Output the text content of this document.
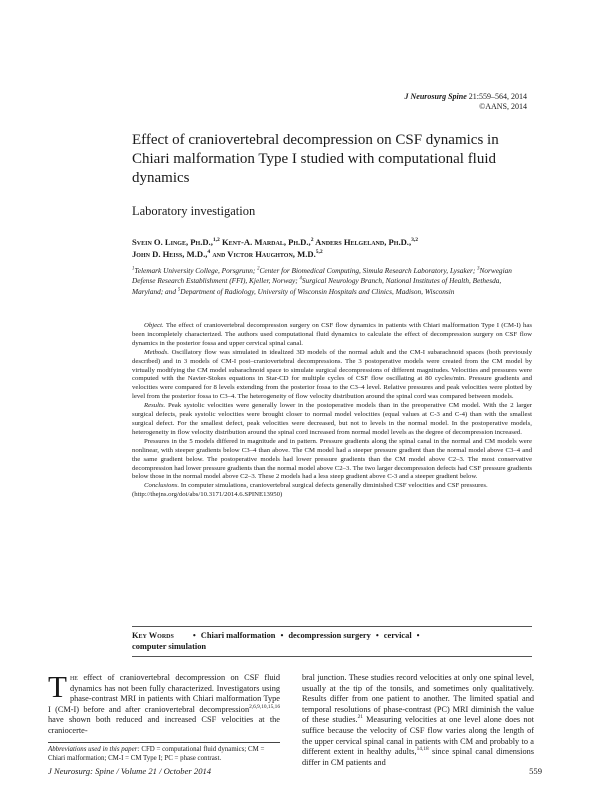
J Neurosurg Spine 21:559–564, 2014
©AANS, 2014
Effect of craniovertebral decompression on CSF dynamics in Chiari malformation Type I studied with computational fluid dynamics
Laboratory investigation
Svein O. Linge, Ph.D.,$^{1,2}$ Kent-A. Mardal, Ph.D.,$^2$ Anders Helgeland, Ph.D.,$^{3,2}$
John D. Heiss, M.D.,$^4$ and Victor Haughton, M.D.$^{5,2}$
$^1$Telemark University College, Porsgrunn; $^2$Center for Biomedical Computing, Simula Research Laboratory, Lysaker; $^3$Norwegian Defense Research Establishment (FFI), Kjeller, Norway; $^4$Surgical Neurology Branch, National Institutes of Health, Bethesda, Maryland; and $^5$Department of Radiology, University of Wisconsin Hospitals and Clinics, Madison, Wisconsin

Object. The effect of craniovertebral decompression surgery on CSF flow dynamics in patients with Chiari malformation Type I (CM-I) has been incompletely characterized. The authors used computational fluid dynamics to calculate the effect of decompression surgery on CSF flow dynamics in the posterior fossa and upper cervical spinal canal.

Methods. Oscillatory flow was simulated in idealized 3D models of the normal adult and the CM-I subarachnoid spaces (both previously described) and in 3 models of CM-I post–craniovertebral decompressions. The 3 postoperative models were created from the CM model by virtually modifying the CM model subarachnoid space to simulate surgical decompressions of different magnitudes. Velocities and pressures were computed with the Navier-Stokes equations in Star-CD for multiple cycles of CSF flow oscillating at 80 cycles/min. Pressure gradients and velocities were compared for 8 levels extending from the posterior fossa to the C3–4 level. Relative pressures and peak velocities were plotted by level from the posterior fossa to C3–4. The heterogeneity of flow velocity distribution around the spinal cord was compared between models.

Results. Peak systolic velocities were generally lower in the postoperative models than in the preoperative CM model. With the 2 larger surgical defects, peak systolic velocities were brought closer to normal model velocities (equal values at C-3 and C-4) than with the smallest surgical defect. For the smallest defect, peak velocities were decreased, but not to levels in the normal model. In the postoperative models, heterogeneity in flow velocity distribution around the spinal cord increased from normal model levels as the degree of decompression increased.

Pressures in the 5 models differed in magnitude and in pattern. Pressure gradients along the spinal canal in the normal and CM models were nonlinear, with steeper gradients below C3–4 than above. The CM model had a steeper pressure gradient than the normal model above C3–4 and the same gradient below. The postoperative models had lower pressure gradients than the CM model above C2–3. The most conservative decompression had lower pressure gradients than the normal model above C2–3. The two larger decompression defects had CSF pressure gradients below those in the normal model above C2–3. These 2 models had a less steep gradient above C-3 and a steeper gradient below.

Conclusions. In computer simulations, craniovertebral surgical defects generally diminished CSF velocities and CSF pressures.

(http://thejns.org/doi/abs/10.3171/2014.6.SPINE13950)

Key Words • Chiari malformation • decompression surgery • cervical •
computer simulation
The effect of craniovertebral decompression on CSF fluid dynamics has not been fully characterized. Investigators using phase-contrast MRI in patients with Chiari malformation Type I (CM-I) before and after craniovertebral decompression$^{2,6,9,10,15,16}$ have shown both reduced and increased CSF velocities at the craniocerte-
bral junction. These studies record velocities at only one spinal level, usually at the tip of the tonsils, and sometimes only qualitatively. Results differ from one patient to another. The limited spatial and temporal resolutions of phase-contrast (PC) MRI diminish the value of these studies.$^{21}$ Measuring velocities at one level alone does not suffice because the velocity of CSF flow varies along the length of the upper cervical spinal canal in patients with CM and probably to a different extent in healthy adults,$^{14,18}$ since spinal canal dimensions differ in CM patients and
Abbreviations used in this paper: CFD = computational fluid dynamics; CM = Chiari malformation; CM-I = CM Type I; PC = phase contrast.
J Neurosurg: Spine / Volume 21 / October 2014	559
